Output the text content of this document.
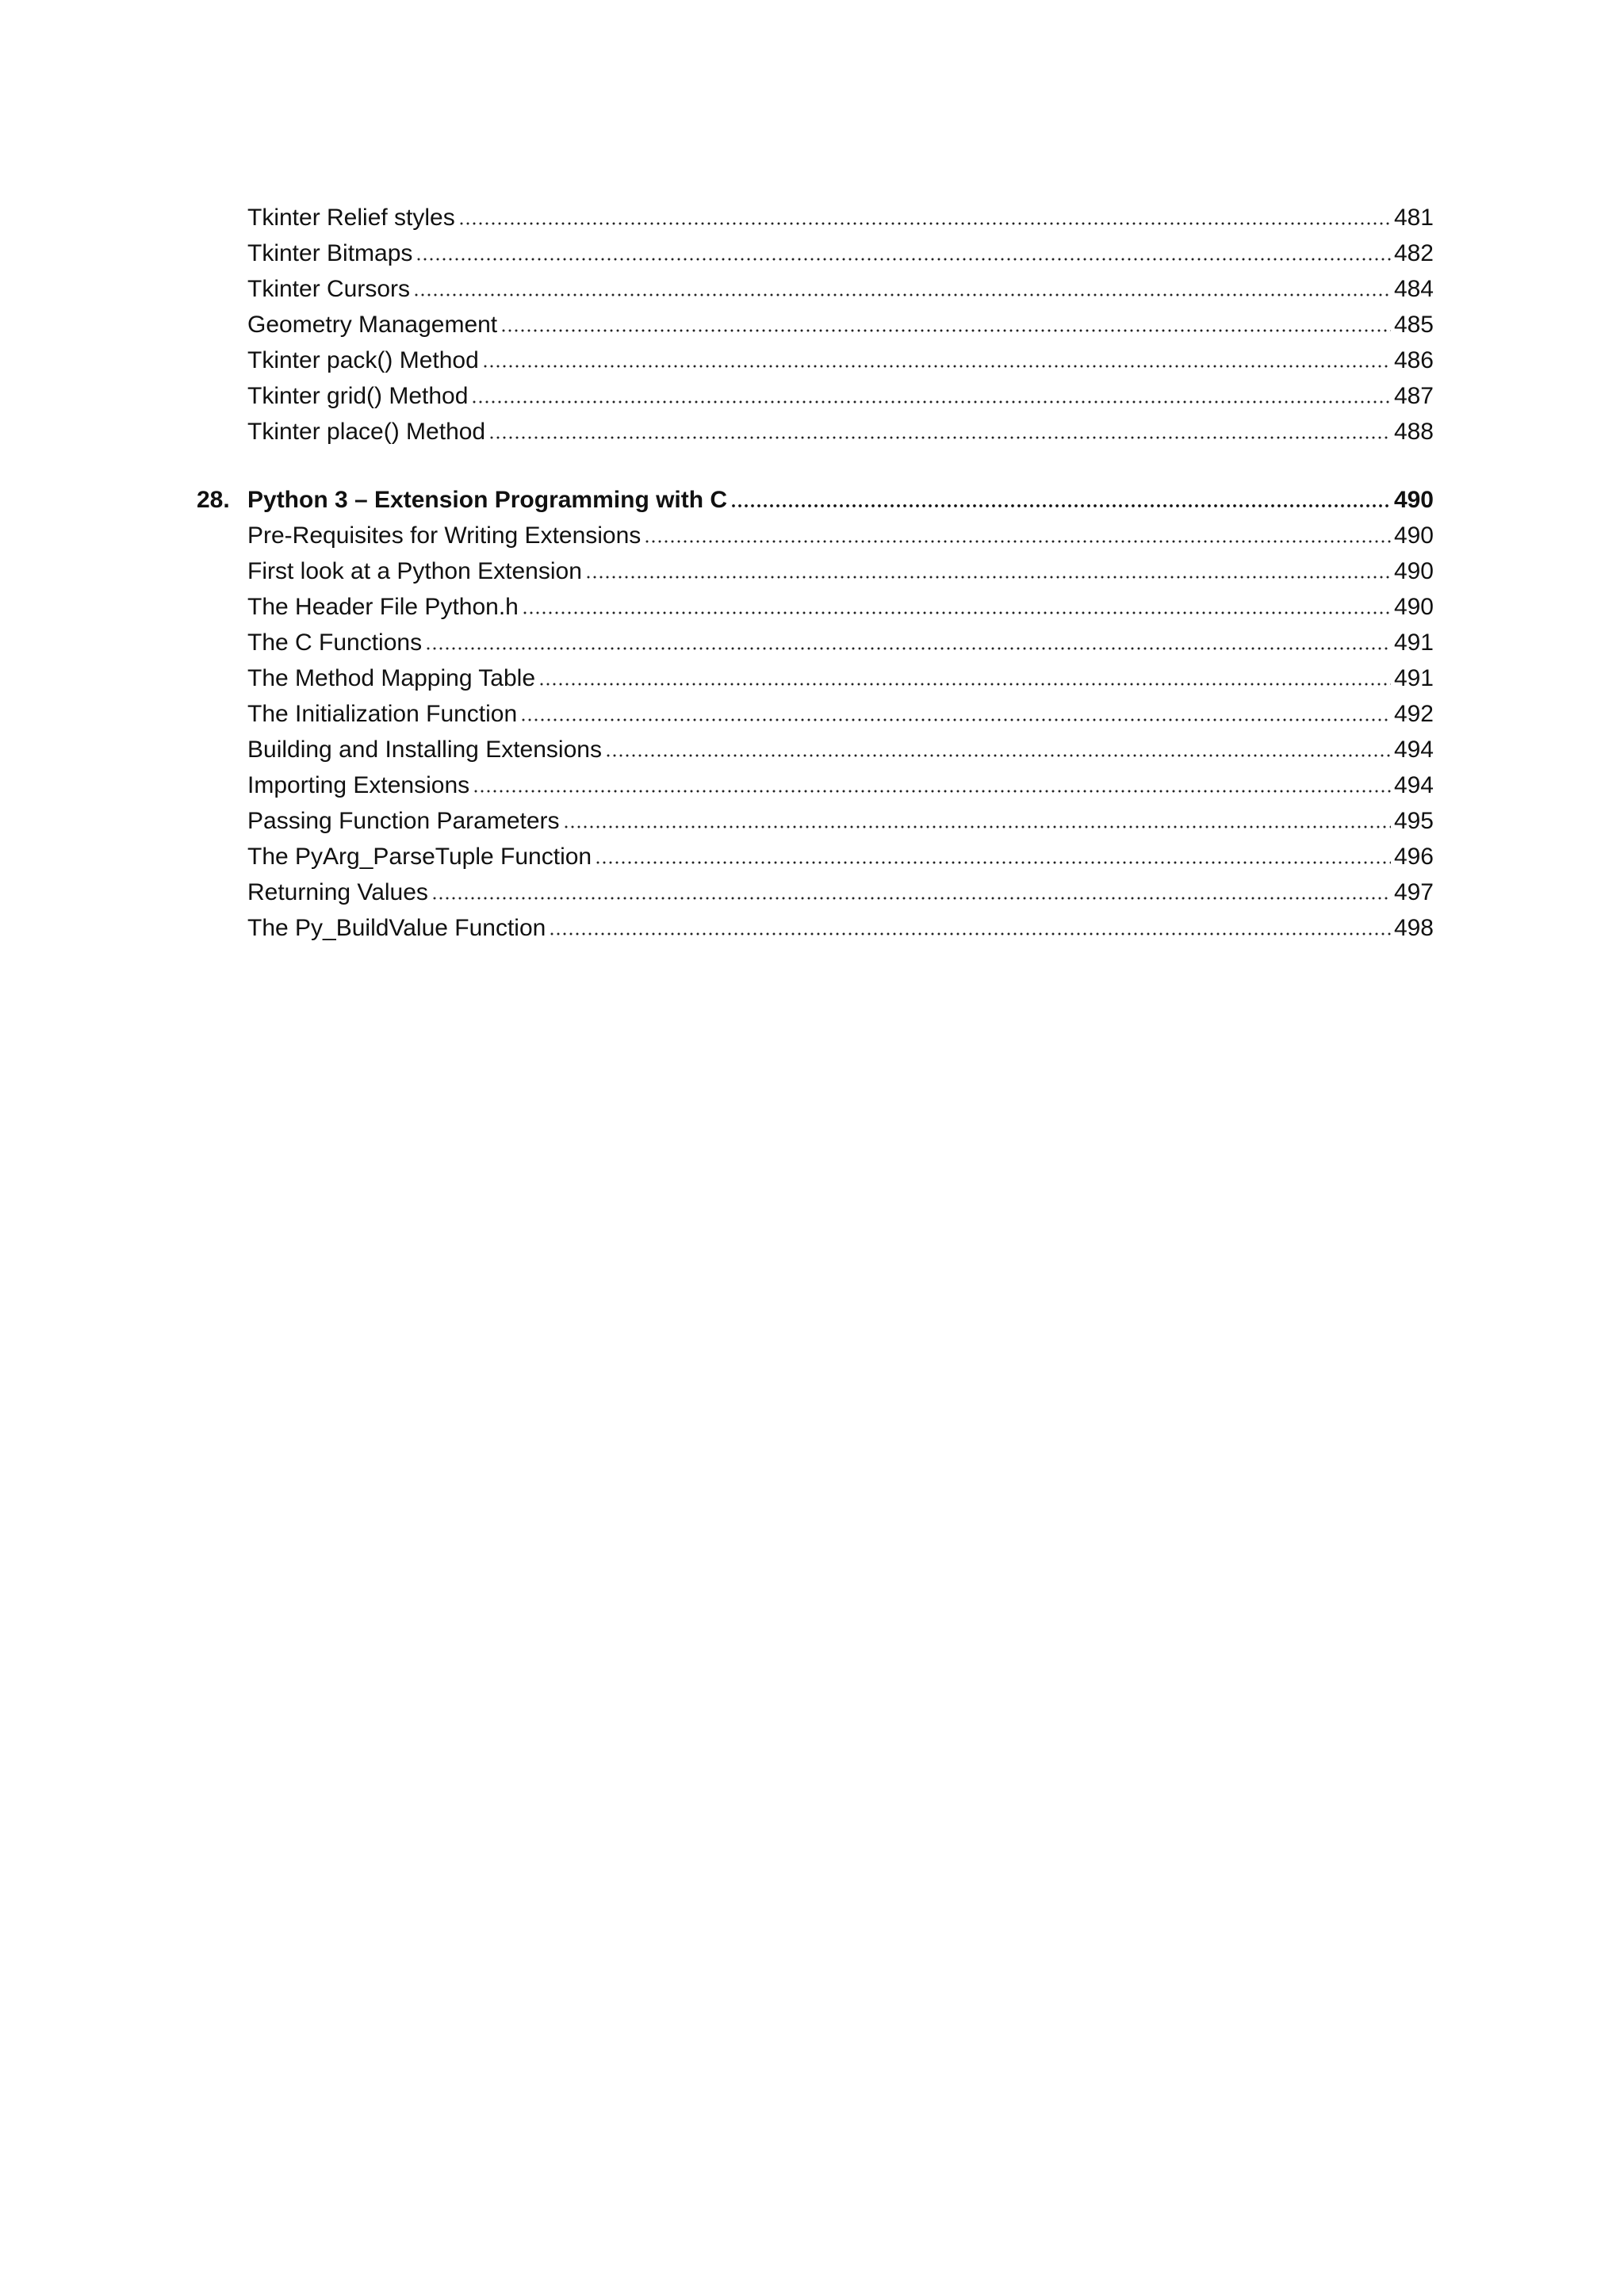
Tkinter Relief styles	481
Tkinter Bitmaps	482
Tkinter Cursors	484
Geometry Management	485
Tkinter pack() Method	486
Tkinter grid() Method	487
Tkinter place() Method	488
28. Python 3 – Extension Programming with C	490
Pre-Requisites for Writing Extensions	490
First look at a Python Extension	490
The Header File Python.h	490
The C Functions	491
The Method Mapping Table	491
The Initialization Function	492
Building and Installing Extensions	494
Importing Extensions	494
Passing Function Parameters	495
The PyArg_ParseTuple Function	496
Returning Values	497
The Py_BuildValue Function	498
